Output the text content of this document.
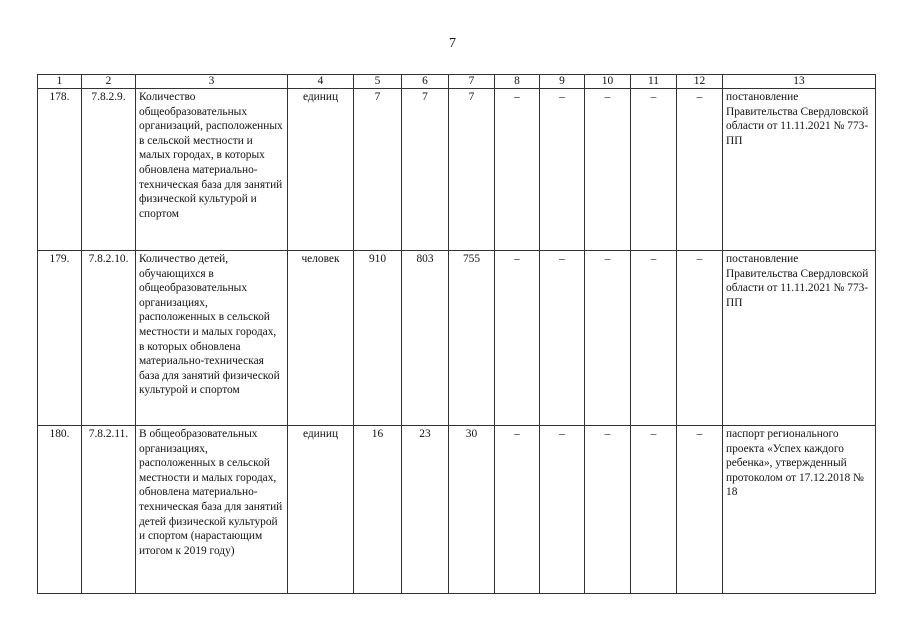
7
1	2	3	4	5	6	7	8	9	10	11	12	13
178.	7.8.2.9.	Количество общеобразовательных организаций, расположенных в сельской местности и малых городах, в которых обновлена материально-техническая база для занятий физической культурой и спортом	единиц	7	7	7	–	–	–	–	–	постановление Правительства Свердловской области от 11.11.2021 № 773-ПП
179.	7.8.2.10.	Количество детей, обучающихся в общеобразовательных организациях, расположенных в сельской местности и малых городах, в которых обновлена материально-техническая база для занятий физической культурой и спортом	человек	910	803	755	–	–	–	–	–	постановление Правительства Свердловской области от 11.11.2021 № 773-ПП
180.	7.8.2.11.	В общеобразовательных организациях, расположенных в сельской местности и малых городах, обновлена материально-техническая база для занятий детей физической культурой и спортом (нарастающим итогом к 2019 году)	единиц	16	23	30	–	–	–	–	–	паспорт регионального проекта «Успех каждого ребенка», утвержденный протоколом от 17.12.2018 № 18
